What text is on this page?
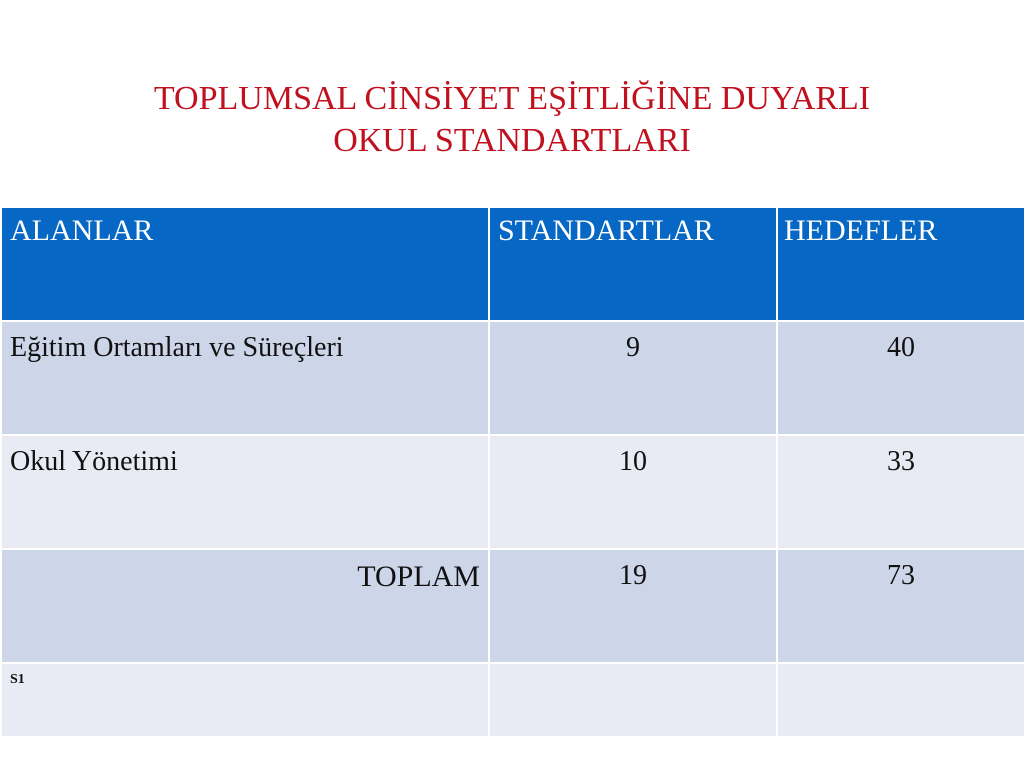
TOPLUMSAL CİNSİYET EŞİTLİĞİNE DUYARLI
OKUL STANDARTLARI
ALANLAR	STANDARTLAR	HEDEFLER

Eğitim Ortamları ve Süreçleri	9	40

Okul Yönetimi	10	33

TOPLAM	19	73

S1		
